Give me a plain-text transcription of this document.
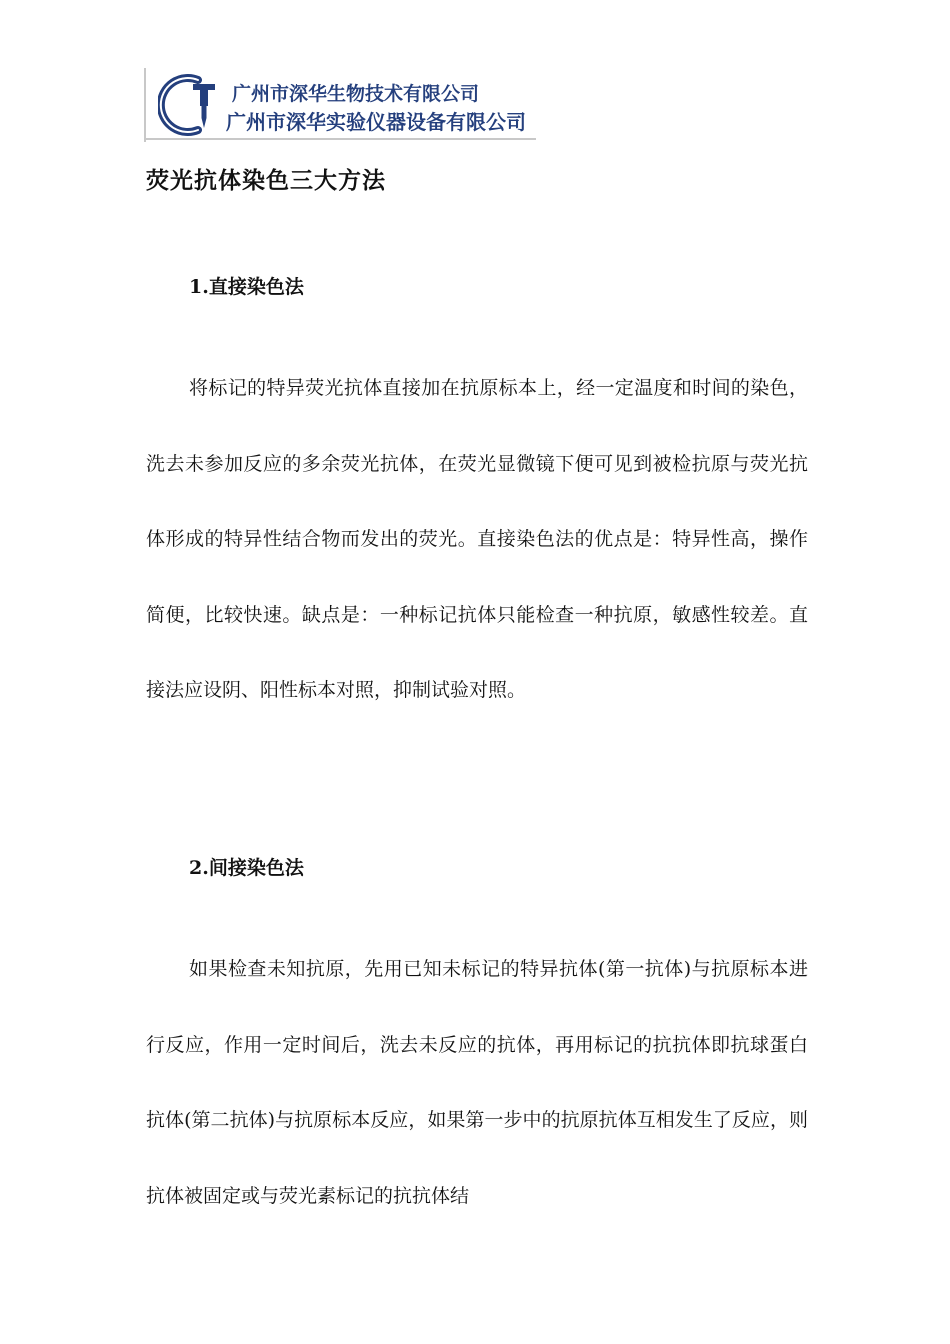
广州市深华生物技术有限公司
广州市深华实验仪器设备有限公司
荧光抗体染色三大方法
1.直接染色法

将标记的特异荧光抗体直接加在抗原标本上，经一定温度和时间的染色，洗去未参加反应的多余荧光抗体，在荧光显微镜下便可见到被检抗原与荧光抗体形成的特异性结合物而发出的荧光。直接染色法的优点是：特异性高，操作简便，比较快速。缺点是：一种标记抗体只能检查一种抗原，敏感性较差。直接法应设阴、阳性标本对照，抑制试验对照。

2.间接染色法

如果检查未知抗原，先用已知未标记的特异抗体(第一抗体)与抗原标本进行反应，作用一定时间后，洗去未反应的抗体，再用标记的抗抗体即抗球蛋白抗体(第二抗体)与抗原标本反应，如果第一步中的抗原抗体互相发生了反应，则抗体被固定或与荧光素标记的抗抗体结
